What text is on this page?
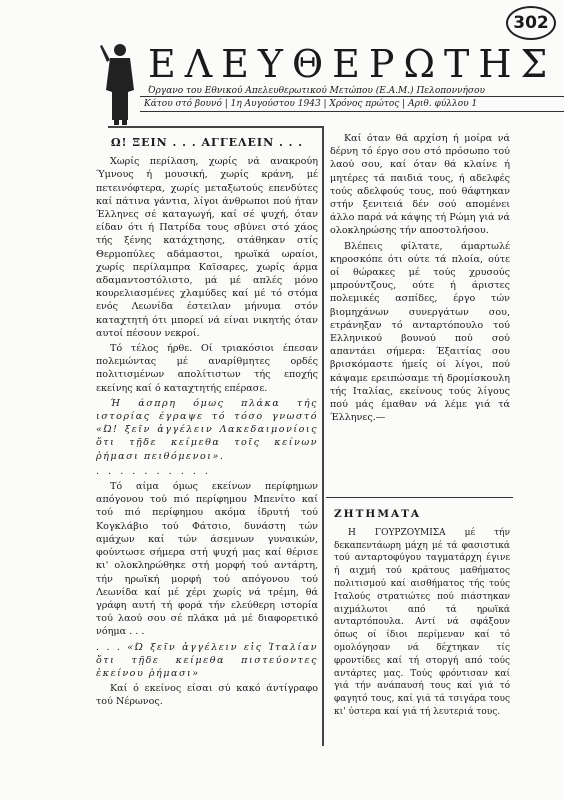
302
ΕΛΕΥΘΕΡΩΤΗΣ
Όργανο του Εθνικού Απελευθερωτικού Μετώπου (Ε.Α.Μ.) Πελοποννήσου
Κάτου στό βουνό | 1η Αυγούστου 1943 | Χρόνος πρώτος | Αριθ. φύλλου 1
Ω! ΞΕΙΝ . . . ΑΓΓΕΛΕΙΝ . . .

Χωρίς περίλαση, χωρίς νά ανακρούη Ύμνους ή μουσική, χωρίς κράνη, μέ πετεινόφτερα, χωρίς μεταξωτούς επενδύτες καί πάτινα γάντια, λίγοι άνθρωποι πού ήταν Έλληνες σέ καταγωγή, καί σέ ψυχή, όταν είδαν ότι ή Πατρίδα τους σβύνει στό χάος τής ξένης κατάχτησης, στάθηκαν στίς Θερμοπύλες αδάμαστοι, ηρωϊκά ωραίοι, χωρίς περίλαμπρα Καϊσαρες, χωρίς άρμα αδαμαντοστόλιστο, μά μέ απλές μόνο κουρελιασμένες χλαμύδες καί μέ τό στόμα ενός Λεωνίδα έστειλαν μήνυμα στόν καταχτητή ότι μπορεί νά είναι νικητής όταν αυτοί πέσουν νεκροί.

Τό τέλος ήρθε. Οί τριακόσιοι έπεσαν πολεμώντας μέ αναρίθμητες ορδές πολιτισμένων απολίτιστων τής εποχής εκείνης καί ό καταχτητής επέρασε.

Ή άσπρη όμως πλάκα τής ιστορίας έγραψε τό τόσο γνωστό «Ώ! ξεῖν ἀγγέλειν Λακεδαιμονίοις ὅτι τῇδε κείμεθα τοῖς κείνων ῥήμασι πειθόμενοι».

. . . . . . . . . .

Τό αίμα όμως εκείνων περίφημων απόγονου τού πιό περίφημου Μπενίτο καί τού πιό περίφημου ακόμα ίδρυτή τού Κογκλάβιο τού Φάτσιο, δυνάστη τών αμάχων καί τών άσεμνων γυναικών, φούντωσε σήμερα στή ψυχή μας καί θέρισε κι' ολοκληρώθηκε στή μορφή τού αντάρτη, τήν ηρωϊκή μορφή τού απόγονου τού Λεωνίδα καί μέ χέρι χωρίς νά τρέμη, θά γράφη αυτή τή φορά τήν ελεύθερη ιστορία τού λαού σου σέ πλάκα μά μέ διαφορετικό νόημα . . .

. . . «Ώ ξεῖν ἀγγέλειν εἰς Ἰταλίαν ὅτι τῇδε κείμεθα πιστεύοντες ἐκείνου ῥήμασι»

Καί ό εκείνος είσαι σύ κακό άντίγραφο τού Νέρωνος.

Καί όταν θά αρχίση ή μοίρα νά δέρνη τό έργο σου στό πρόσωπο τού λαού σου, καί όταν θά κλαίνε ή μητέρες τά παιδιά τους, ή αδελφές τούς αδελφούς τους, πού θάφτηκαν στήν ξενιτειά δέν σού απομένει άλλο παρά νά κάψης τή Ρώμη γιά νά ολοκληρώσης τήν αποστολήσου.

Βλέπεις φίλτατε, άμαρτωλέ κηροσκόπε ότι ούτε τά πλοία, ούτε οί θώρακες μέ τούς χρυσούς μπρούντζους, ούτε ή άριστες πολεμικές ασπίδες, έργο τών βιομηχάνων συνεργάτων σου, ετράνηξαν τό ανταρτόπουλο τού Ελληνικού βουνού πού σού απαντάει σήμερα: Έξαιτίας σου βρισκόμαστε ήμείς οί λίγοι, πού κάψαμε ερειπώσαμε τή δρομίσκουλη τής Ιταλίας, εκείνους τούς λίγους πού μάς έμαθαν νά λέμε γιά τά Έλληνες.—

ΖΗΤΗΜΑΤΑ

Η ΓΟΥΡΖΟΥΜΙΣΑ μέ τήν δεκαπεντάωρη μάχη μέ τά φασιστικά τού ανταρτοφύγου ταγματάρχη έγινε ή αιχμή τού κράτους μαθήματος πολιτισμού καί αισθήματος τής τούς Ιταλούς στρατιώτες πού πιάστηκαν αιχμάλωτοι από τά ηρωϊκά ανταρτόπουλα. Αντί νά σφάξουν όπως οί ίδιοι περίμεναν καί τό ομολόγησαν νά δέχτηκαν τίς φροντίδες καί τή στοργή από τούς αντάρτες μας. Τούς φρόντισαν καί γιά τήν ανάπαυσή τους καί γιά τό φαγητό τους, καί γιά τά τσιγάρα τους κι' ύστερα καί γιά τή λευτεριά τους.
